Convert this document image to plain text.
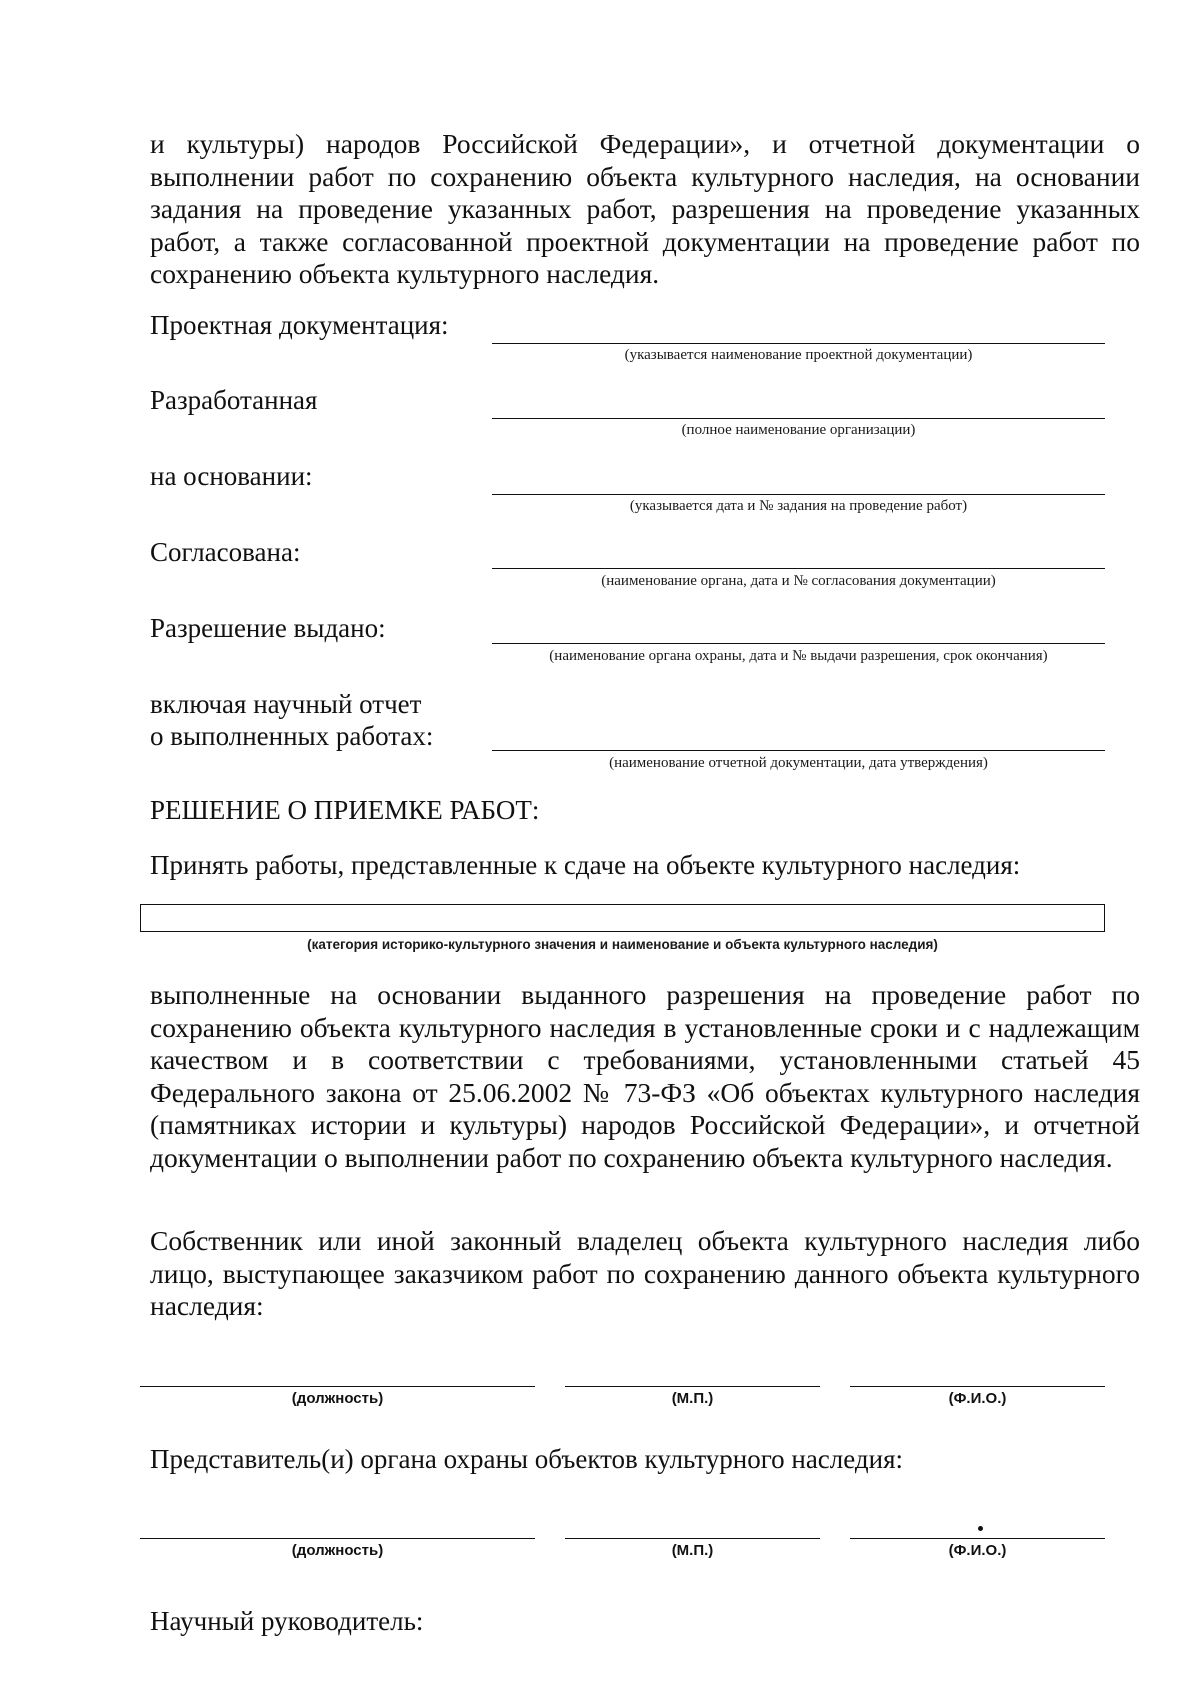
и культуры) народов Российской Федерации», и отчетной документации о выполнении работ по сохранению объекта культурного наследия, на основании задания на проведение указанных работ, разрешения на проведение указанных работ, а также согласованной проектной документации на проведение работ по сохранению объекта культурного наследия.

Проектная документация:

(указывается наименование проектной документации)

Разработанная

(полное наименование организации)

на основании:

(указывается дата и № задания на проведение работ)

Согласована:

(наименование органа, дата и № согласования документации)

Разрешение выдано:

(наименование органа охраны, дата и № выдачи разрешения, срок окончания)

включая научный отчет

о выполненных работах:

(наименование отчетной документации, дата утверждения)

РЕШЕНИЕ О ПРИЕМКЕ РАБОТ:

Принять работы, представленные к сдаче на объекте культурного наследия:

(категория историко-культурного значения и наименование и объекта культурного наследия)

выполненные на основании выданного разрешения на проведение работ по сохранению объекта культурного наследия в установленные сроки и с надлежащим качеством и в соответствии с требованиями, установленными статьей 45 Федерального закона от 25.06.2002 № 73-ФЗ «Об объектах культурного наследия (памятниках истории и культуры) народов Российской Федерации», и отчетной документации о выполнении работ по сохранению объекта культурного наследия.

Собственник или иной законный владелец объекта культурного наследия либо лицо, выступающее заказчиком работ по сохранению данного объекта культурного наследия:

(должность)	(М.П.)	(Ф.И.О.)

Представитель(и) органа охраны объектов культурного наследия:

(должность)	(М.П.)	(Ф.И.О.)

Научный руководитель:
